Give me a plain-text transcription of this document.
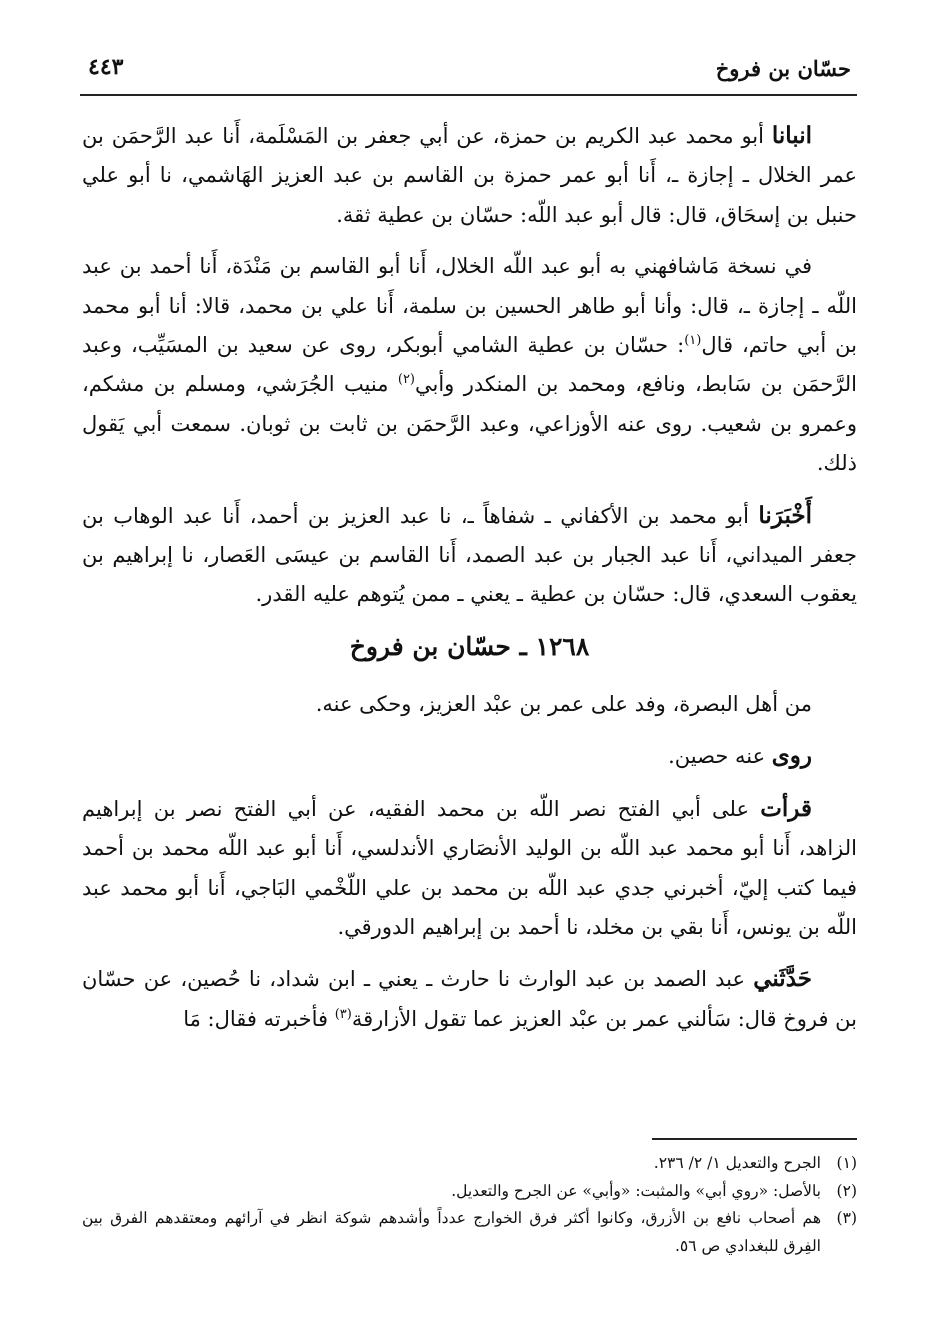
حسّان بن فروخ
٤٤٣

انبانا أبو محمد عبد الكريم بن حمزة، عن أبي جعفر بن المَسْلَمة، أَنا عبد الرَّحمَن بن عمر الخلال ـ إجازة ـ، أَنا أبو عمر حمزة بن القاسم بن عبد العزيز الهَاشمي، نا أبو علي حنبل بن إسحَاق، قال: قال أبو عبد اللّه: حسّان بن عطية ثقة.

في نسخة مَاشافهني به أبو عبد اللّه الخلال، أَنا أبو القاسم بن مَنْدَة، أَنا أحمد بن عبد اللّه ـ إجازة ـ، قال: وأنا أبو طاهر الحسين بن سلمة، أَنا علي بن محمد، قالا: أنا أبو محمد بن أبي حاتم، قال$^{(١)}$: حسّان بن عطية الشامي أبوبكر، روى عن سعيد بن المسَيِّب، وعبد الرَّحمَن بن سَابط، ونافع، ومحمد بن المنكدر وأبي$^{(٢)}$ منيب الجُرَشي، ومسلم بن مشكم، وعمرو بن شعيب. روى عنه الأوزاعي، وعبد الرَّحمَن بن ثابت بن ثوبان. سمعت أبي يَقول ذلك.

أَخْبَرَنا أبو محمد بن الأكفاني ـ شفاهاً ـ، نا عبد العزيز بن أحمد، أَنا عبد الوهاب بن جعفر الميداني، أَنا عبد الجبار بن عبد الصمد، أَنا القاسم بن عيسَى العَصار، نا إبراهيم بن يعقوب السعدي، قال: حسّان بن عطية ـ يعني ـ ممن يُتوهم عليه القدر.

١٢٦٨ ـ حسّان بن فروخ

من أهل البصرة، وفد على عمر بن عبْد العزيز، وحكى عنه.

روى عنه حصين.

قرأت على أبي الفتح نصر اللّه بن محمد الفقيه، عن أبي الفتح نصر بن إبراهيم الزاهد، أَنا أبو محمد عبد اللّه بن الوليد الأنصَاري الأندلسي، أَنا أبو عبد اللّه محمد بن أحمد فيما كتب إليّ، أخبرني جدي عبد اللّه بن محمد بن علي اللّخْمي البَاجي، أَنا أبو محمد عبد اللّه بن يونس، أَنا بقي بن مخلد، نا أحمد بن إبراهيم الدورقي.

حَدَّثَني عبد الصمد بن عبد الوارث نا حارث ـ يعني ـ ابن شداد، نا حُصين، عن حسّان بن فروخ قال: سَألني عمر بن عبْد العزيز عما تقول الأزارقة$^{(٣)}$ فأخبرته فقال: مَا

(١)
الجرح والتعديل ١/ ٢/ ٢٣٦.
(٢)
بالأصل: «روي أبي» والمثبت: «وأبي» عن الجرح والتعديل.
(٣)
هم أصحاب نافع بن الأزرق، وكانوا أكثر فرق الخوارج عدداً وأشدهم شوكة انظر في آرائهم ومعتقدهم الفرق بين الفِرق للبغدادي ص ٥٦.
